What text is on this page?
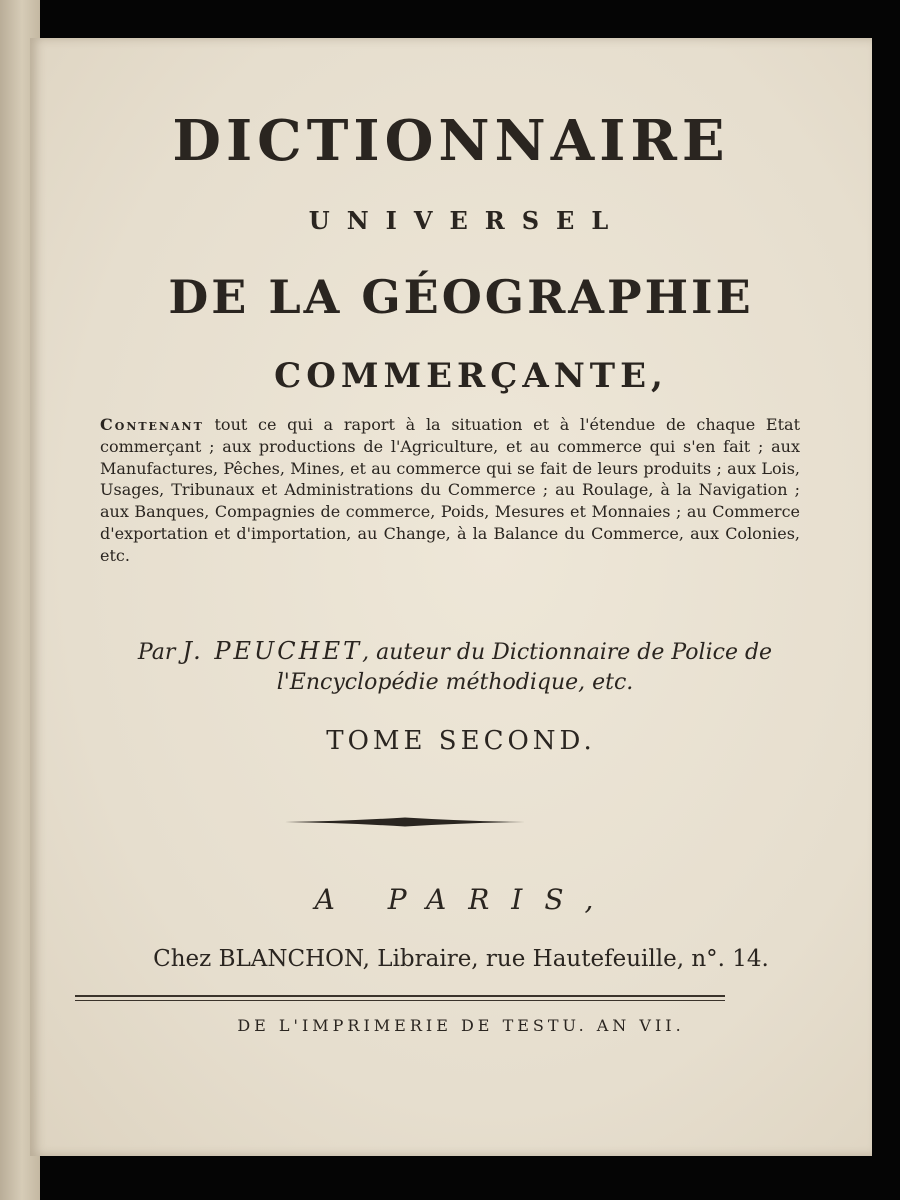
DICTIONNAIRE
UNIVERSEL
DE LA GÉOGRAPHIE
COMMERÇANTE,
Contenant tout ce qui a raport à la situation et à l'étendue de chaque Etat commerçant ; aux productions de l'Agriculture, et au commerce qui s'en fait ; aux Manufactures, Pêches, Mines, et au commerce qui se fait de leurs produits ; aux Lois, Usages, Tribunaux et Administrations du Commerce ; au Roulage, à la Navigation ; aux Banques, Compagnies de commerce, Poids, Mesures et Monnaies ; au Commerce d'exportation et d'importation, au Change, à la Balance du Commerce, aux Colonies, etc.
Par J. PEUCHET, auteur du Dictionnaire de Police de l'Encyclopédie méthodique, etc.
TOME SECOND.
A PARIS,
Chez BLANCHON, Libraire, rue Hautefeuille, n°. 14.
DE L'IMPRIMERIE DE TESTU. AN VII.
